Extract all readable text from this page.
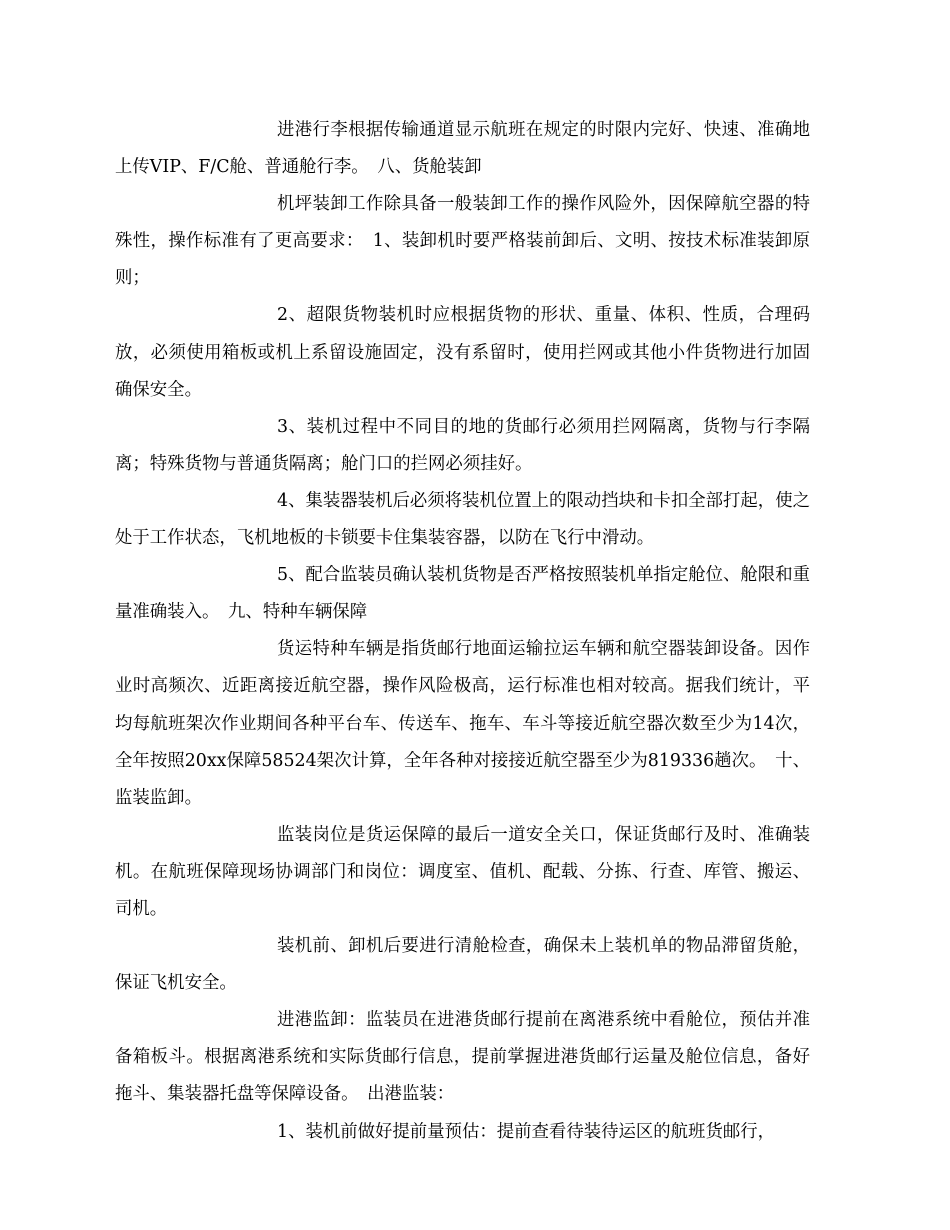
进港行李根据传输通道显示航班在规定的时限内完好、快速、准确地上传VIP、F/C舱、普通舱行李。　八、货舱装卸

机坪装卸工作除具备一般装卸工作的操作风险外，因保障航空器的特殊性，操作标准有了更高要求：　1、装卸机时要严格装前卸后、文明、按技术标准装卸原则；

2、超限货物装机时应根据货物的形状、重量、体积、性质，合理码放，必须使用箱板或机上系留设施固定，没有系留时，使用拦网或其他小件货物进行加固确保安全。

3、装机过程中不同目的地的货邮行必须用拦网隔离，货物与行李隔离；特殊货物与普通货隔离；舱门口的拦网必须挂好。

4、集装器装机后必须将装机位置上的限动挡块和卡扣全部打起，使之处于工作状态，飞机地板的卡锁要卡住集装容器，以防在飞行中滑动。

5、配合监装员确认装机货物是否严格按照装机单指定舱位、舱限和重量准确装入。　九、特种车辆保障

货运特种车辆是指货邮行地面运输拉运车辆和航空器装卸设备。因作业时高频次、近距离接近航空器，操作风险极高，运行标准也相对较高。据我们统计，平均每航班架次作业期间各种平台车、传送车、拖车、车斗等接近航空器次数至少为14次，全年按照20xx保障58524架次计算，全年各种对接接近航空器至少为819336趟次。　十、监装监卸。

监装岗位是货运保障的最后一道安全关口，保证货邮行及时、准确装机。在航班保障现场协调部门和岗位：调度室、值机、配载、分拣、行查、库管、搬运、司机。

装机前、卸机后要进行清舱检查，确保未上装机单的物品滞留货舱，保证飞机安全。

进港监卸：监装员在进港货邮行提前在离港系统中看舱位，预估并准备箱板斗。根据离港系统和实际货邮行信息，提前掌握进港货邮行运量及舱位信息，备好拖斗、集装器托盘等保障设备。　出港监装：

1、装机前做好提前量预估：提前查看待装待运区的航班货邮行，
